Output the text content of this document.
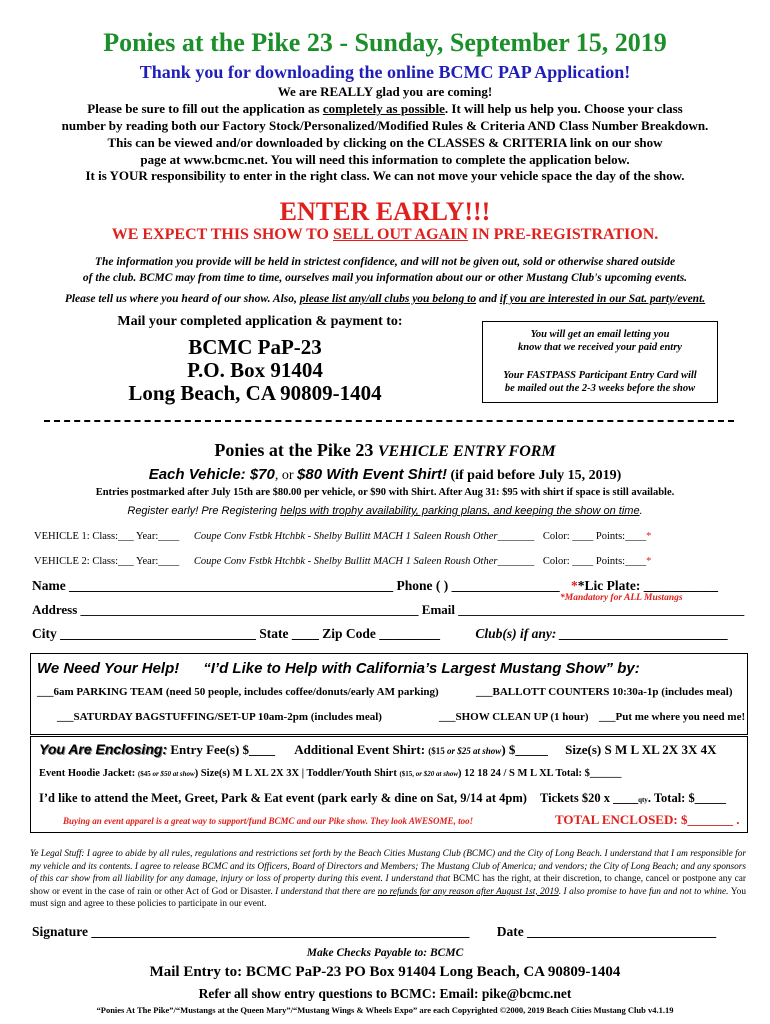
Ponies at the Pike 23 - Sunday, September 15, 2019
Thank you for downloading the online BCMC PAP Application!
We are REALLY glad you are coming!
Please be sure to fill out the application as completely as possible. It will help us help you. Choose your class
number by reading both our Factory Stock/Personalized/Modified Rules & Criteria AND Class Number Breakdown.
This can be viewed and/or downloaded by clicking on the CLASSES & CRITERIA link on our show
page at www.bcmc.net. You will need this information to complete the application below.
It is YOUR responsibility to enter in the right class. We can not move your vehicle space the day of the show.
ENTER EARLY!!!
WE EXPECT THIS SHOW TO SELL OUT AGAIN IN PRE-REGISTRATION.
The information you provide will be held in strictest confidence, and will not be given out, sold or otherwise shared outside
of the club. BCMC may from time to time, ourselves mail you information about our or other Mustang Club's upcoming events.
Please tell us where you heard of our show. Also, please list any/all clubs you belong to and if you are interested in our Sat. party/event.
Mail your completed application & payment to:
BCMC PaP-23
P.O. Box 91404
Long Beach, CA 90809-1404
You will get an email letting you
know that we received your paid entry
Your FASTPASS Participant Entry Card will
be mailed out the 2-3 weeks before the show
Ponies at the Pike 23 VEHICLE ENTRY FORM
Each Vehicle: $70, or $80 With Event Shirt! (if paid before July 15, 2019)
Entries postmarked after July 15th are $80.00 per vehicle, or $90 with Shirt. After Aug 31: $95 with shirt if space is still available.
Register early! Pre Registering helps with trophy availability, parking plans, and keeping the show on time.
VEHICLE 1: Class:___ Year:____ Coupe Conv Fstbk Htchbk - Shelby Bullitt MACH 1 Saleen Roush Other_______ Color: ____ Points:____*
VEHICLE 2: Class:___ Year:____ Coupe Conv Fstbk Htchbk - Shelby Bullitt MACH 1 Saleen Roush Other_______ Color: ____ Points:____*
Name ________________________________________________ Phone ( ) ________________ **Lic Plate: ___________
*Mandatory for ALL Mustangs
Address ____________________________________________________ Email ____________________________________________
City _____________________________ State ____ Zip Code _________	Club(s) if any: _________________________
We Need Your Help! “I’d Like to Help with California’s Largest Mustang Show” by:
___6am PARKING TEAM (need 50 people, includes coffee/donuts/early AM parking)	___BALLOTT COUNTERS 10:30a-1p (includes meal)
___SATURDAY BAGSTUFFING/SET-UP 10am-2pm (includes meal)	___SHOW CLEAN UP (1 hour) ___Put me where you need me!
You Are Enclosing: Entry Fee(s) $____ Additional Event Shirt: ($15 or $25 at show) $_____ Size(s) S M L XL 2X 3X 4X
Event Hoodie Jacket: ($45 or $50 at show) Size(s) M L XL 2X 3X | Toddler/Youth Shirt ($15, or $20 at show) 12 18 24 / S M L XL Total: $______
I’d like to attend the Meet, Greet, Park & Eat event (park early & dine on Sat, 9/14 at 4pm) Tickets $20 x ____qty. Total: $_____
Buying an event apparel is a great way to support/fund BCMC and our Pike show. They look AWESOME, too!	TOTAL ENCLOSED: $_______ .
Ye Legal Stuff: I agree to abide by all rules, regulations and restrictions set forth by the Beach Cities Mustang Club (BCMC) and the City of Long Beach. I understand that I am responsible for my vehicle and its contents. I agree to release BCMC and its Officers, Board of Directors and Members; The Mustang Club of America; and vendors; the City of Long Beach; and any sponsors of this car show from all liability for any damage, injury or loss of property during this event. I understand that BCMC has the right, at their discretion, to change, cancel or postpone any car show or event in the case of rain or other Act of God or Disaster. I understand that there are no refunds for any reason after August 1st, 2019. I also promise to have fun and not to whine. You must sign and agree to these policies to participate in our event.
Signature ________________________________________________________ Date ____________________________
Make Checks Payable to: BCMC
Mail Entry to: BCMC PaP-23 PO Box 91404 Long Beach, CA 90809-1404
Refer all show entry questions to BCMC: Email: pike@bcmc.net
“Ponies At The Pike”/“Mustangs at the Queen Mary”/“Mustang Wings & Wheels Expo” are each Copyrighted ©2000, 2019 Beach Cities Mustang Club v4.1.19
